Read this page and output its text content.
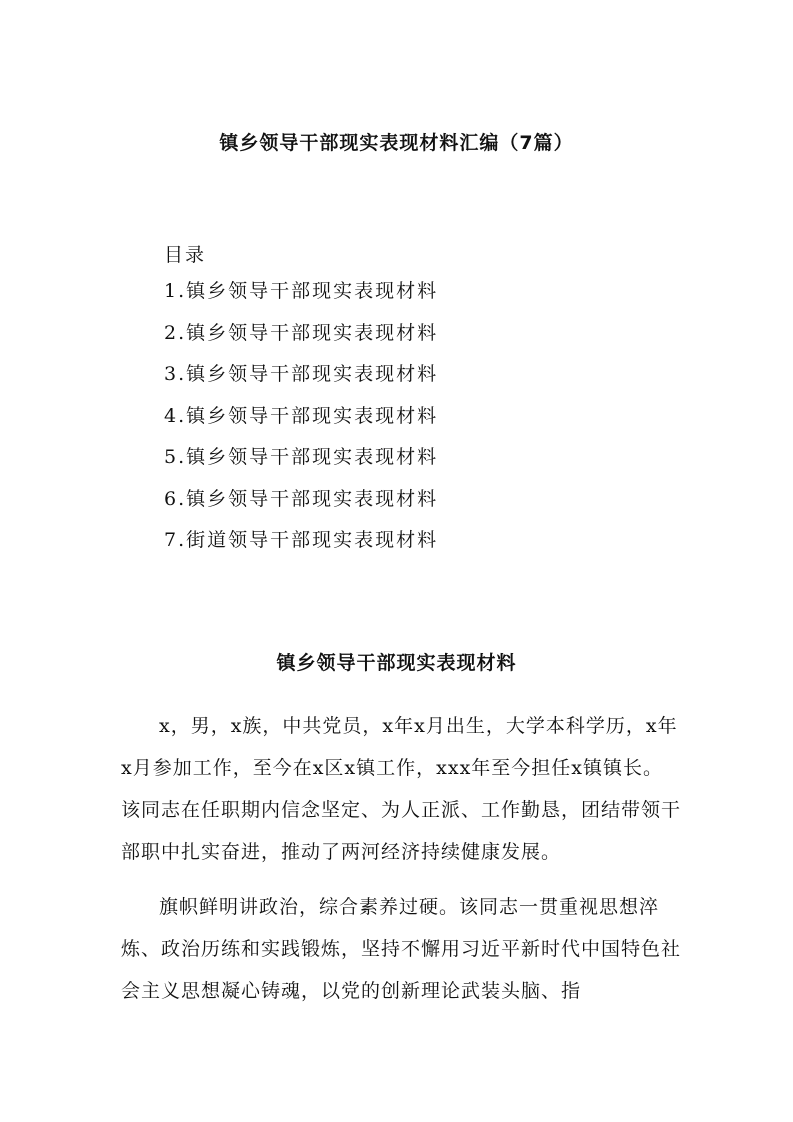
镇乡领导干部现实表现材料汇编（7篇）
目录
1.镇乡领导干部现实表现材料
2.镇乡领导干部现实表现材料
3.镇乡领导干部现实表现材料
4.镇乡领导干部现实表现材料
5.镇乡领导干部现实表现材料
6.镇乡领导干部现实表现材料
7.街道领导干部现实表现材料
镇乡领导干部现实表现材料

x，男，x族，中共党员，x年x月出生，大学本科学历，x年x月参加工作，至今在x区x镇工作，xxx年至今担任x镇镇长。该同志在任职期内信念坚定、为人正派、工作勤恳，团结带领干部职中扎实奋进，推动了两河经济持续健康发展。

旗帜鲜明讲政治，综合素养过硬。该同志一贯重视思想淬炼、政治历练和实践锻炼，坚持不懈用习近平新时代中国特色社会主义思想凝心铸魂，以党的创新理论武装头脑、指
